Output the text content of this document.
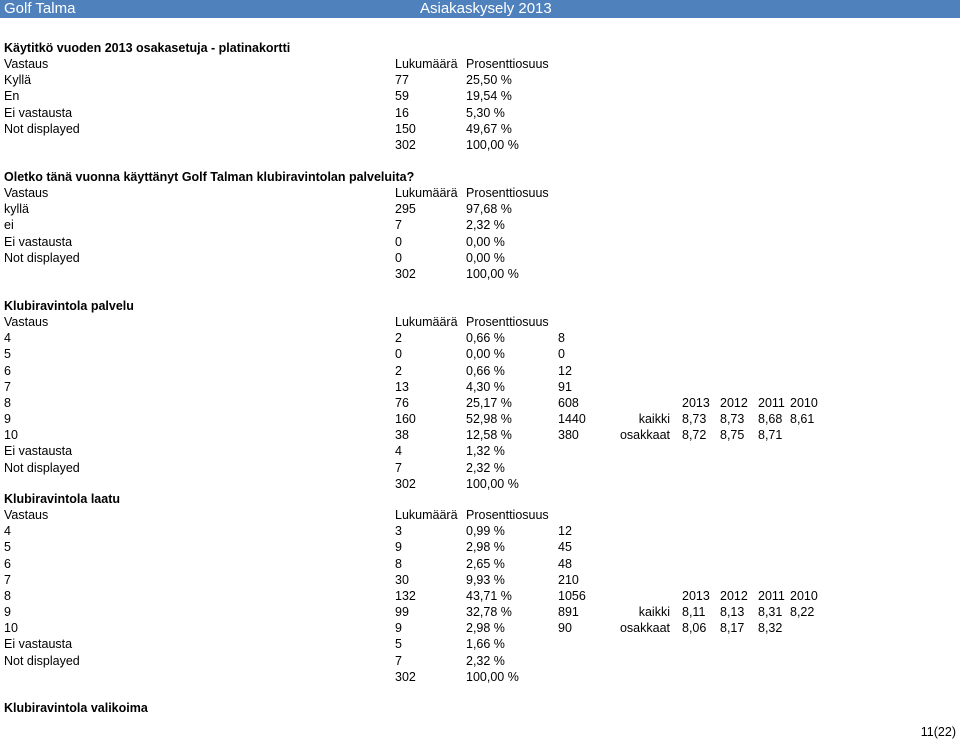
Golf Talma	Asiakaskysely 2013
Käytitkö vuoden 2013 osakasetuja - platinakortti
Vastaus	Lukumäärä Prosenttiosuus
Kyllä	77	25,50 %
En	59	19,54 %
Ei vastausta	16	5,30 %
Not displayed	150	49,67 %
302	100,00 %
Oletko tänä vuonna käyttänyt Golf Talman klubiravintolan palveluita?
Vastaus	Lukumäärä Prosenttiosuus
kyllä	295	97,68 %
ei	7	2,32 %
Ei vastausta	0	0,00 %
Not displayed	0	0,00 %
302	100,00 %
Klubiravintola palvelu
Vastaus	Lukumäärä Prosenttiosuus
4	2	0,66 %	8
5	0	0,00 %	0
6	2	0,66 %	12
7	13	4,30 %	91
8	76	25,17 %	608
9	160	52,98 %	1440
10	38	12,58 %	380
Ei vastausta	4	1,32 %
Not displayed	7	2,32 %
302	100,00 %
2013 2012 2011 2010
kaikki 8,73 8,73 8,68 8,61
osakkaat 8,72 8,75 8,71
Klubiravintola laatu
Vastaus	Lukumäärä Prosenttiosuus
4	3	0,99 %	12
5	9	2,98 %	45
6	8	2,65 %	48
7	30	9,93 %	210
8	132	43,71 %	1056
9	99	32,78 %	891
10	9	2,98 %	90
Ei vastausta	5	1,66 %
Not displayed	7	2,32 %
302	100,00 %
2013 2012 2011 2010
kaikki 8,11 8,13 8,31 8,22
osakkaat 8,06 8,17 8,32
Klubiravintola valikoima
11(22)
